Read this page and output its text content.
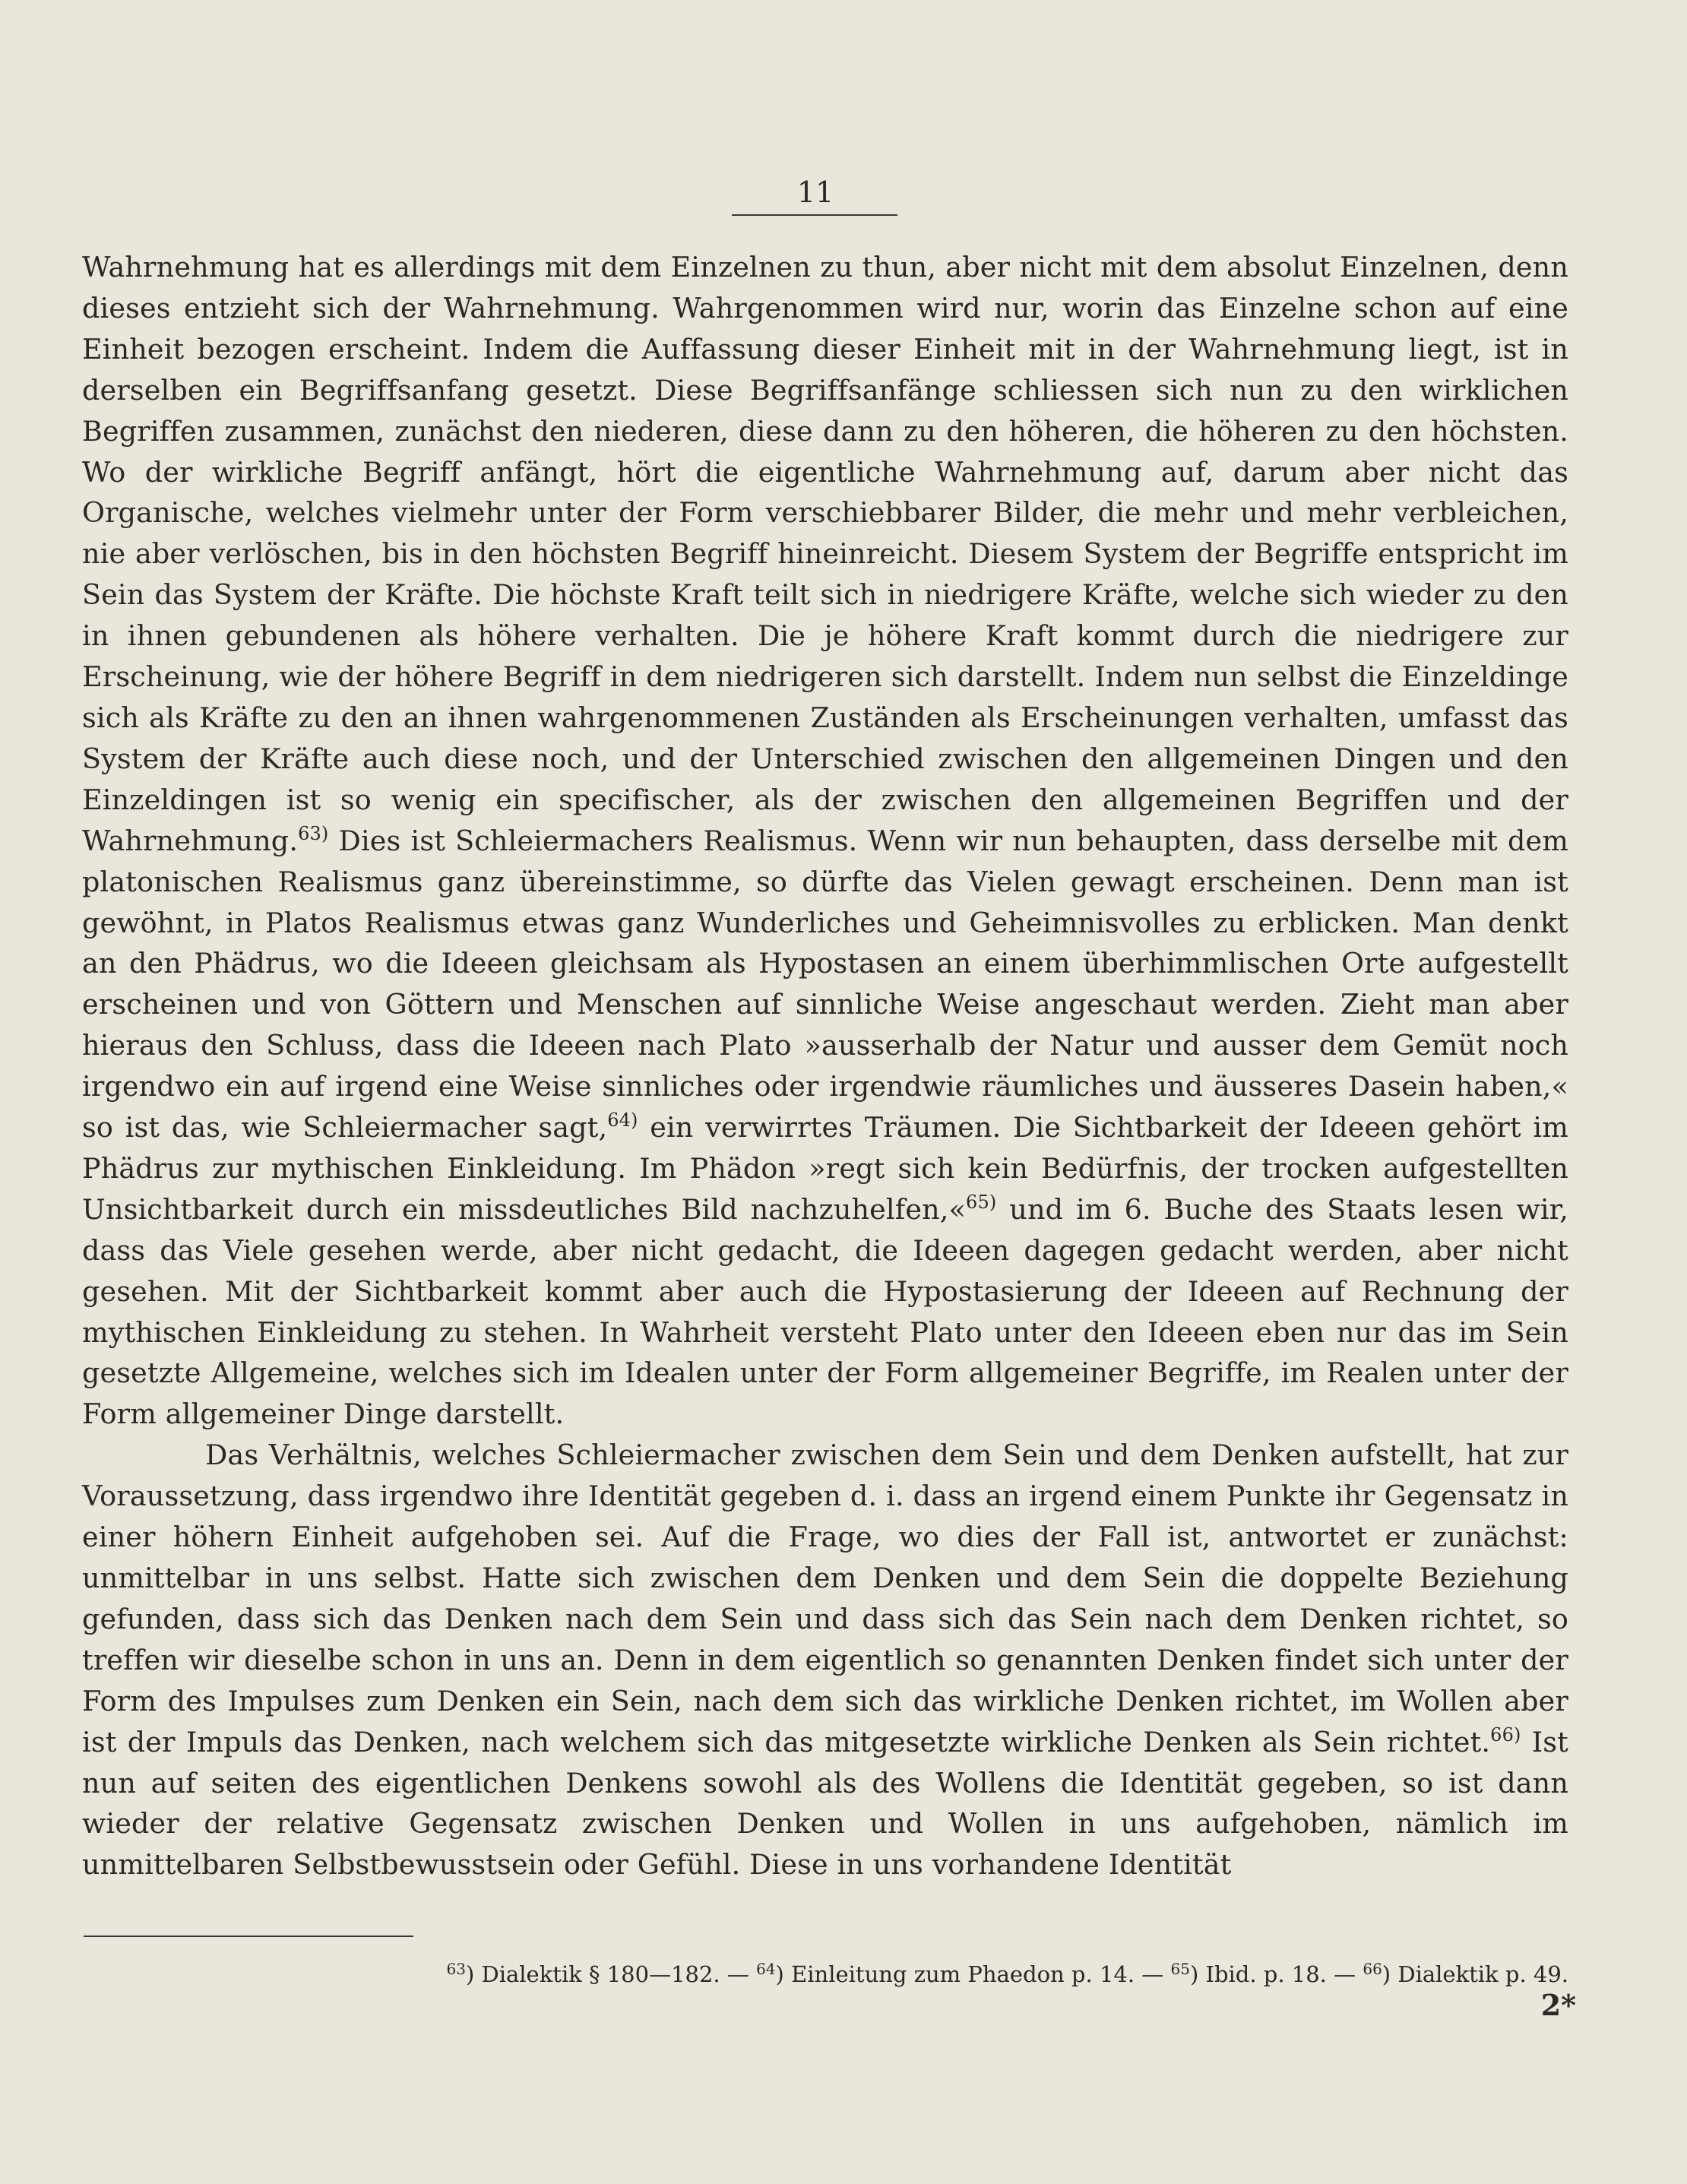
11

Wahrnehmung hat es allerdings mit dem Einzelnen zu thun, aber nicht mit dem absolut Einzelnen, denn dieses entzieht sich der Wahrnehmung. Wahrgenommen wird nur, worin das Einzelne schon auf eine Einheit bezogen erscheint. Indem die Auffassung dieser Einheit mit in der Wahrnehmung liegt, ist in derselben ein Begriffsanfang gesetzt. Diese Begriffsanfänge schliessen sich nun zu den wirklichen Begriffen zusammen, zunächst den niederen, diese dann zu den höheren, die höheren zu den höchsten. Wo der wirkliche Begriff anfängt, hört die eigentliche Wahrnehmung auf, darum aber nicht das Organische, welches vielmehr unter der Form verschiebbarer Bilder, die mehr und mehr verbleichen, nie aber verlöschen, bis in den höchsten Begriff hineinreicht. Diesem System der Begriffe entspricht im Sein das System der Kräfte. Die höchste Kraft teilt sich in niedrigere Kräfte, welche sich wieder zu den in ihnen gebundenen als höhere verhalten. Die je höhere Kraft kommt durch die niedrigere zur Erscheinung, wie der höhere Begriff in dem niedrigeren sich darstellt. Indem nun selbst die Einzeldinge sich als Kräfte zu den an ihnen wahrgenommenen Zuständen als Erscheinungen verhalten, umfasst das System der Kräfte auch diese noch, und der Unterschied zwischen den allgemeinen Dingen und den Einzeldingen ist so wenig ein specifischer, als der zwischen den allgemeinen Begriffen und der Wahrnehmung.$^{63)}$ Dies ist Schleiermachers Realismus. Wenn wir nun behaupten, dass derselbe mit dem platonischen Realismus ganz übereinstimme, so dürfte das Vielen gewagt erscheinen. Denn man ist gewöhnt, in Platos Realismus etwas ganz Wunderliches und Geheimnisvolles zu erblicken. Man denkt an den Phädrus, wo die Ideeen gleichsam als Hypostasen an einem überhimmlischen Orte aufgestellt erscheinen und von Göttern und Menschen auf sinnliche Weise angeschaut werden. Zieht man aber hieraus den Schluss, dass die Ideeen nach Plato »ausserhalb der Natur und ausser dem Gemüt noch irgendwo ein auf irgend eine Weise sinnliches oder irgendwie räumliches und äusseres Dasein haben,« so ist das, wie Schleiermacher sagt,$^{64)}$ ein verwirrtes Träumen. Die Sichtbarkeit der Ideeen gehört im Phädrus zur mythischen Einkleidung. Im Phädon »regt sich kein Bedürfnis, der trocken aufgestellten Unsichtbarkeit durch ein missdeutliches Bild nachzuhelfen,«$^{65)}$ und im 6. Buche des Staats lesen wir, dass das Viele gesehen werde, aber nicht gedacht, die Ideeen dagegen gedacht werden, aber nicht gesehen. Mit der Sichtbarkeit kommt aber auch die Hypostasierung der Ideeen auf Rechnung der mythischen Einkleidung zu stehen. In Wahrheit versteht Plato unter den Ideeen eben nur das im Sein gesetzte Allgemeine, welches sich im Idealen unter der Form allgemeiner Begriffe, im Realen unter der Form allgemeiner Dinge darstellt.

Das Verhältnis, welches Schleiermacher zwischen dem Sein und dem Denken aufstellt, hat zur Voraussetzung, dass irgendwo ihre Identität gegeben d. i. dass an irgend einem Punkte ihr Gegensatz in einer höhern Einheit aufgehoben sei. Auf die Frage, wo dies der Fall ist, antwortet er zunächst: unmittelbar in uns selbst. Hatte sich zwischen dem Denken und dem Sein die doppelte Beziehung gefunden, dass sich das Denken nach dem Sein und dass sich das Sein nach dem Denken richtet, so treffen wir dieselbe schon in uns an. Denn in dem eigentlich so genannten Denken findet sich unter der Form des Impulses zum Denken ein Sein, nach dem sich das wirkliche Denken richtet, im Wollen aber ist der Impuls das Denken, nach welchem sich das mitgesetzte wirkliche Denken als Sein richtet.$^{66)}$ Ist nun auf seiten des eigentlichen Denkens sowohl als des Wollens die Identität gegeben, so ist dann wieder der relative Gegensatz zwischen Denken und Wollen in uns aufgehoben, nämlich im unmittelbaren Selbstbewusstsein oder Gefühl. Diese in uns vorhandene Identität

$^{63}$) Dialektik § 180—182. — $^{64}$) Einleitung zum Phaedon p. 14. — $^{65}$) Ibid. p. 18. — $^{66}$) Dialektik p. 49.
2*
